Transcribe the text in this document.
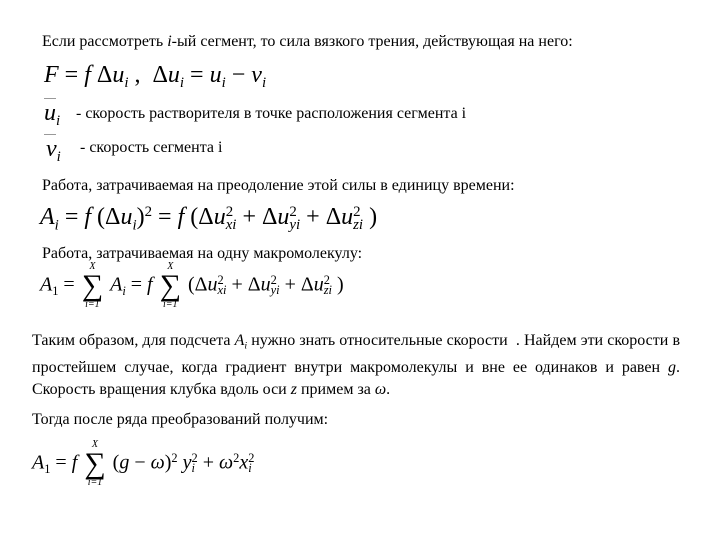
Если рассмотреть i-ый сегмент, то сила вязкого трения, действующая на него:
F = f $\Delta u_i$ ,  $\Delta u_i = u_i - v_i$
$u_i$ - скорость растворителя в точке расположения сегмента i
$v_i$
- скорость сегмента i
Работа, затрачиваемая на преодоление этой силы в единицу времени:
$A_i = f$ $(\Delta u_i)^2 = f$ (Δu 2
xi + Δu 2
yi + Δu 2
zi )
Работа, затрачиваемая на одну макромолекулу:
$A_1$ =
X
∑
i=1
$A_i = f$
X
∑
i=1
(Δu 2
xi + Δu 2
yi + Δu 2
zi )
Таким образом, для подсчета $A_i$ нужно знать относительные скорости  . Найдем эти скорости в простейшем случае, когда градиент внутри макромолекулы и вне ее одинаков и равен g. Скорость вращения клубка вдоль оси z примем за ω.
Тогда после ряда преобразований получим:
$A_1 = f$
X
∑
i=1
$(g - \omega)^2$ y 2
$i + \omega^2x$ 2
i
